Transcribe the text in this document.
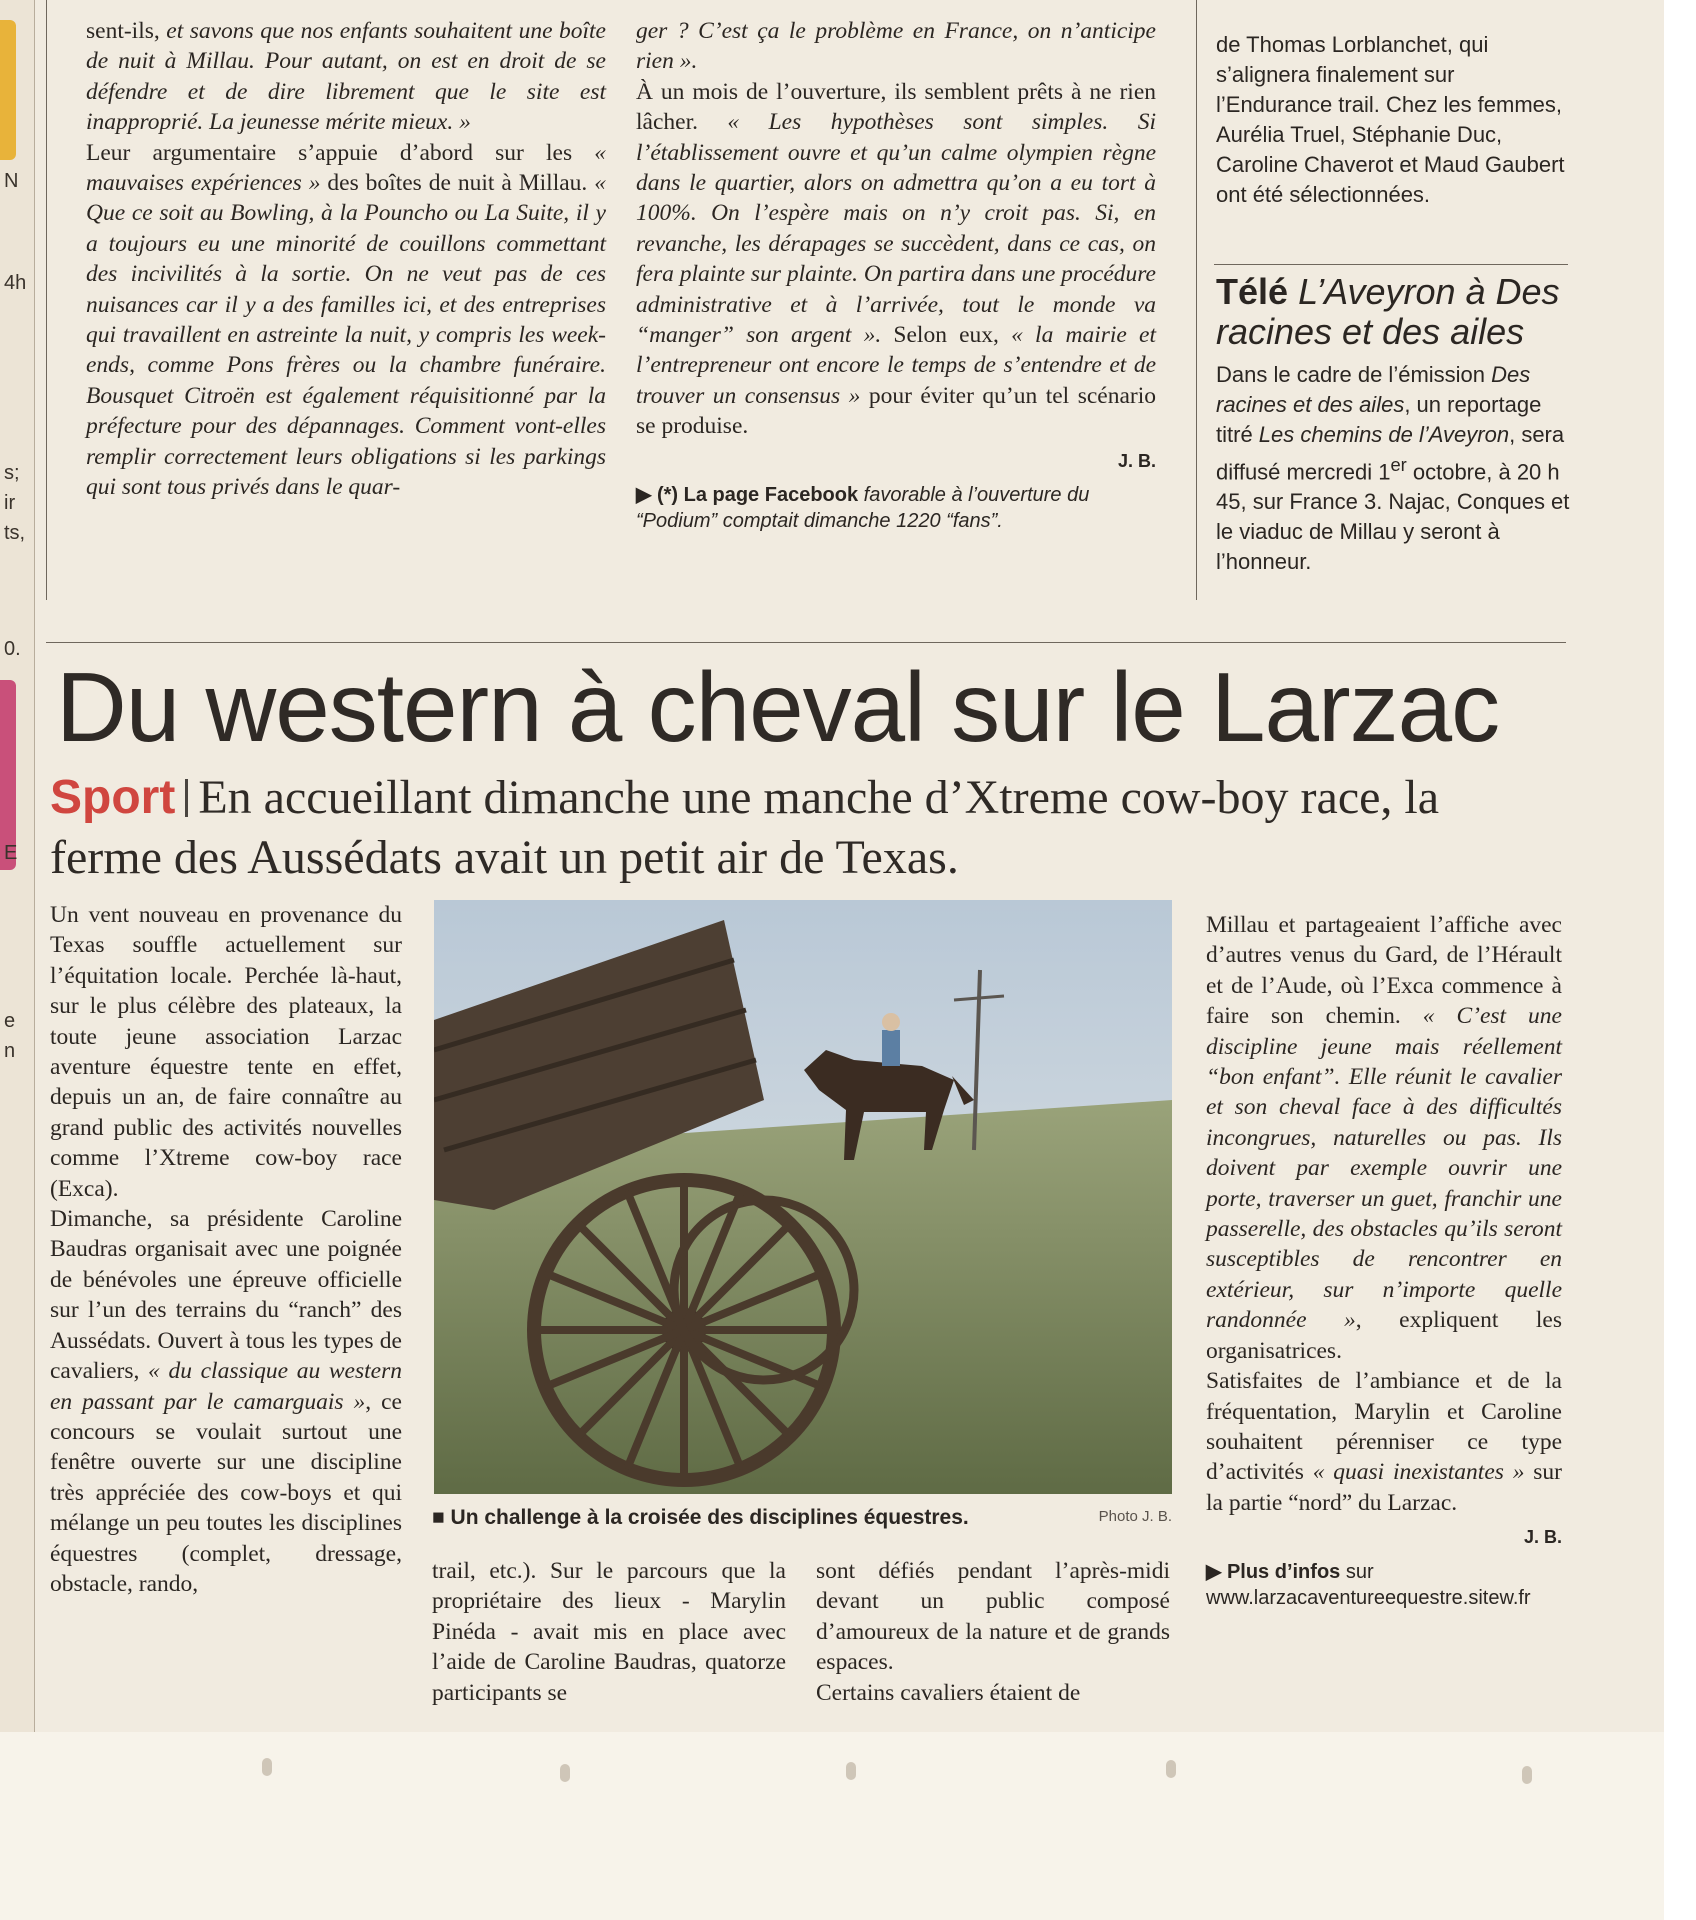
N
4h
s;
ir
ts,
0.
E
e
n

sent-ils, et savons que nos enfants souhaitent une boîte de nuit à Millau. Pour autant, on est en droit de se défendre et de dire librement que le site est inapproprié. La jeunesse mérite mieux. »

Leur argumentaire s’appuie d’abord sur les « mauvaises expériences » des boîtes de nuit à Millau. « Que ce soit au Bowling, à la Pouncho ou La Suite, il y a toujours eu une minorité de couillons commettant des incivilités à la sortie. On ne veut pas de ces nuisances car il y a des familles ici, et des entreprises qui travaillent en astreinte la nuit, y compris les week-ends, comme Pons frères ou la chambre funéraire. Bousquet Citroën est également réquisitionné par la préfecture pour des dépannages. Comment vont-elles remplir correctement leurs obligations si les parkings qui sont tous privés dans le quar-

ger ? C’est ça le problème en France, on n’anticipe rien ».

À un mois de l’ouverture, ils semblent prêts à ne rien lâcher. « Les hypothèses sont simples. Si l’établissement ouvre et qu’un calme olympien règne dans le quartier, alors on admettra qu’on a eu tort à 100%. On l’espère mais on n’y croit pas. Si, en revanche, les dérapages se succèdent, dans ce cas, on fera plainte sur plainte. On partira dans une procédure administrative et à l’arrivée, tout le monde va “manger” son argent ». Selon eux, « la mairie et l’entrepreneur ont encore le temps de s’entendre et de trouver un consensus » pour éviter qu’un tel scénario se produise.

J. B.

▶ (*) La page Facebook favorable à l’ouverture du “Podium” comptait dimanche 1220 “fans”.

de Thomas Lorblanchet, qui s’alignera finalement sur l’Endurance trail. Chez les femmes, Aurélia Truel, Stéphanie Duc, Caroline Chaverot et Maud Gaubert ont été sélectionnées.

Télé L’Aveyron à Des racines et des ailes

Dans le cadre de l’émission Des racines et des ailes, un reportage titré Les chemins de l’Aveyron, sera diffusé mercredi 1er octobre, à 20 h 45, sur France 3. Najac, Conques et le viaduc de Millau y seront à l’honneur.

Du western à cheval sur le Larzac
Sport En accueillant dimanche une manche d’Xtreme cow-boy race, la ferme des Aussédats avait un petit air de Texas.

Un vent nouveau en provenance du Texas souffle actuellement sur l’équitation locale. Perchée là-haut, sur le plus célèbre des plateaux, la toute jeune association Larzac aventure équestre tente en effet, depuis un an, de faire connaître au grand public des activités nouvelles comme l’Xtreme cow-boy race (Exca).

Dimanche, sa présidente Caroline Baudras organisait avec une poignée de bénévoles une épreuve officielle sur l’un des terrains du “ranch” des Aussédats. Ouvert à tous les types de cavaliers, « du classique au western en passant par le camarguais », ce concours se voulait surtout une fenêtre ouverte sur une discipline très appréciée des cow-boys et qui mélange un peu toutes les disciplines équestres (complet, dressage, obstacle, rando,

■ Un challenge à la croisée des disciplines équestres.	Photo J. B.

trail, etc.). Sur le parcours que la propriétaire des lieux - Marylin Pinéda - avait mis en place avec l’aide de Caroline Baudras, quatorze participants se

sont défiés pendant l’après-midi devant un public composé d’amoureux de la nature et de grands espaces.

Certains cavaliers étaient de

Millau et partageaient l’affiche avec d’autres venus du Gard, de l’Hérault et de l’Aude, où l’Exca commence à faire son chemin. « C’est une discipline jeune mais réellement “bon enfant”. Elle réunit le cavalier et son cheval face à des difficultés incongrues, naturelles ou pas. Ils doivent par exemple ouvrir une porte, traverser un guet, franchir une passerelle, des obstacles qu’ils seront susceptibles de rencontrer en extérieur, sur n’importe quelle randonnée », expliquent les organisatrices.

Satisfaites de l’ambiance et de la fréquentation, Marylin et Caroline souhaitent pérenniser ce type d’activités « quasi inexistantes » sur la partie “nord” du Larzac.

J. B.

▶ Plus d’infos sur www.larzacaventureequestre.sitew.fr
